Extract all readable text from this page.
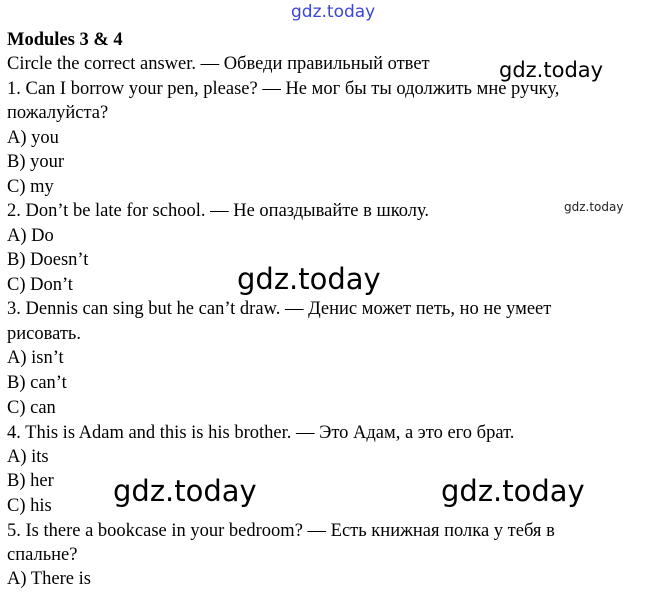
gdz.today
Modules 3 & 4
Circle the correct answer. — Обведи правильный ответ	gdz.today
1. Can I borrow your pen, please? — Не мог бы ты одолжить мне ручку,
пожалуйста?
A) you
B) your
C) my
2. Don’t be late for school. — Не опаздывайте в школу.	gdz.today
A) Do
B) Doesn’t
C) Don’t	gdz.today
3. Dennis can sing but he can’t draw. — Денис может петь, но не умеет
рисовать.
A) isn’t
B) can’t
C) can
4. This is Adam and this is his brother. — Это Адам, а это его брат.
A) its
B) her
C) his gdz.today	gdz.today
5. Is there a bookcase in your bedroom? — Есть книжная полка у тебя в
спальне?
A) There is
